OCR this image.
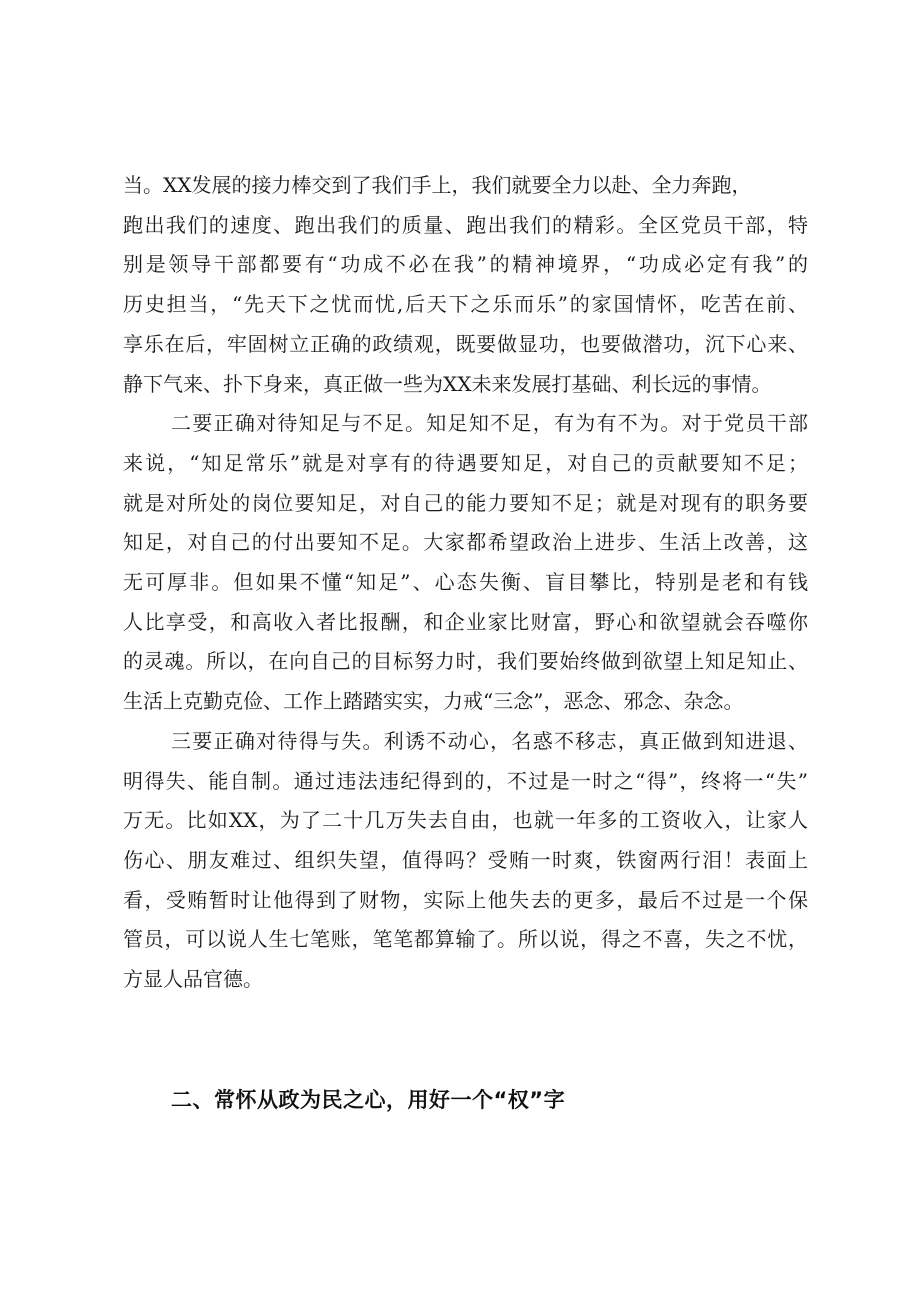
当。XX发展的接力棒交到了我们手上，我们就要全力以赴、全力奔跑，

跑出我们的速度、跑出我们的质量、跑出我们的精彩。全区党员干部，特

别是领导干部都要有“功成不必在我”的精神境界，“功成必定有我”的

历史担当，“先天下之忧而忧,后天下之乐而乐”的家国情怀，吃苦在前、

享乐在后，牢固树立正确的政绩观，既要做显功，也要做潜功，沉下心来、

静下气来、扑下身来，真正做一些为XX未来发展打基础、利长远的事情。

二要正确对待知足与不足。知足知不足，有为有不为。对于党员干部

来说，“知足常乐”就是对享有的待遇要知足，对自己的贡献要知不足；

就是对所处的岗位要知足，对自己的能力要知不足；就是对现有的职务要

知足，对自己的付出要知不足。大家都希望政治上进步、生活上改善，这

无可厚非。但如果不懂“知足”、心态失衡、盲目攀比，特别是老和有钱

人比享受，和高收入者比报酬，和企业家比财富，野心和欲望就会吞噬你

的灵魂。所以，在向自己的目标努力时，我们要始终做到欲望上知足知止、

生活上克勤克俭、工作上踏踏实实，力戒“三念”，恶念、邪念、杂念。

三要正确对待得与失。利诱不动心，名惑不移志，真正做到知进退、

明得失、能自制。通过违法违纪得到的，不过是一时之“得”，终将一“失”

万无。比如XX，为了二十几万失去自由，也就一年多的工资收入，让家人

伤心、朋友难过、组织失望，值得吗？受贿一时爽，铁窗两行泪！表面上

看，受贿暂时让他得到了财物，实际上他失去的更多，最后不过是一个保

管员，可以说人生七笔账，笔笔都算输了。所以说，得之不喜，失之不忧，

方显人品官德。

二、常怀从政为民之心，用好一个“权”字
